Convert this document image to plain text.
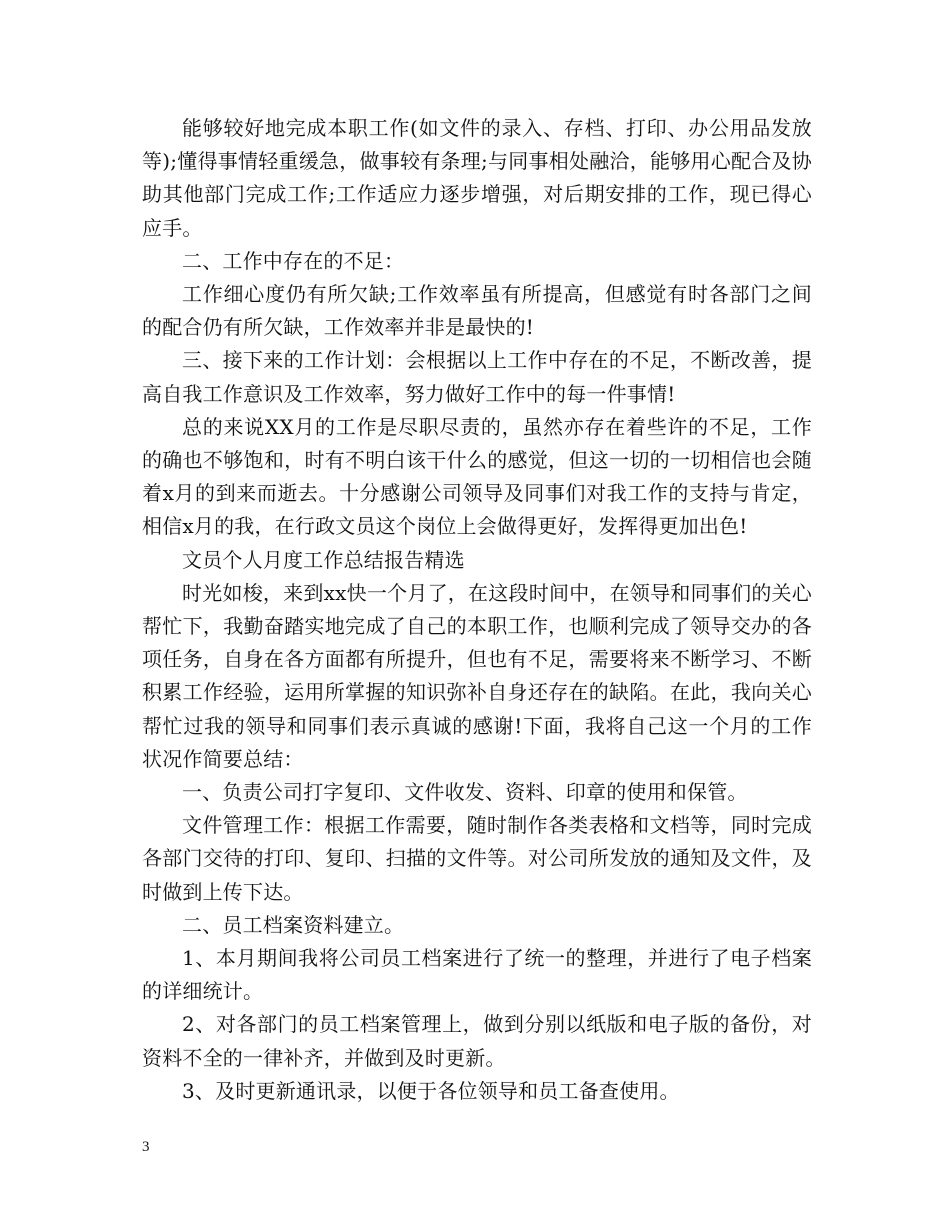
能够较好地完成本职工作(如文件的录入、存档、打印、办公用品发放等);懂得事情轻重缓急，做事较有条理;与同事相处融洽，能够用心配合及协助其他部门完成工作;工作适应力逐步增强，对后期安排的工作，现已得心应手。

二、工作中存在的不足：

工作细心度仍有所欠缺;工作效率虽有所提高，但感觉有时各部门之间的配合仍有所欠缺，工作效率并非是最快的!

三、接下来的工作计划：会根据以上工作中存在的不足，不断改善，提高自我工作意识及工作效率，努力做好工作中的每一件事情!

总的来说XX月的工作是尽职尽责的，虽然亦存在着些许的不足，工作的确也不够饱和，时有不明白该干什么的感觉，但这一切的一切相信也会随着x月的到来而逝去。十分感谢公司领导及同事们对我工作的支持与肯定，相信x月的我，在行政文员这个岗位上会做得更好，发挥得更加出色!

文员个人月度工作总结报告精选

时光如梭，来到xx快一个月了，在这段时间中，在领导和同事们的关心帮忙下，我勤奋踏实地完成了自己的本职工作，也顺利完成了领导交办的各项任务，自身在各方面都有所提升，但也有不足，需要将来不断学习、不断积累工作经验，运用所掌握的知识弥补自身还存在的缺陷。在此，我向关心帮忙过我的领导和同事们表示真诚的感谢!下面，我将自己这一个月的工作状况作简要总结：

一、负责公司打字复印、文件收发、资料、印章的使用和保管。

文件管理工作：根据工作需要，随时制作各类表格和文档等，同时完成各部门交待的打印、复印、扫描的文件等。对公司所发放的通知及文件，及时做到上传下达。

二、员工档案资料建立。

1、本月期间我将公司员工档案进行了统一的整理，并进行了电子档案的详细统计。

2、对各部门的员工档案管理上，做到分别以纸版和电子版的备份，对资料不全的一律补齐，并做到及时更新。

3、及时更新通讯录，以便于各位领导和员工备查使用。

3
